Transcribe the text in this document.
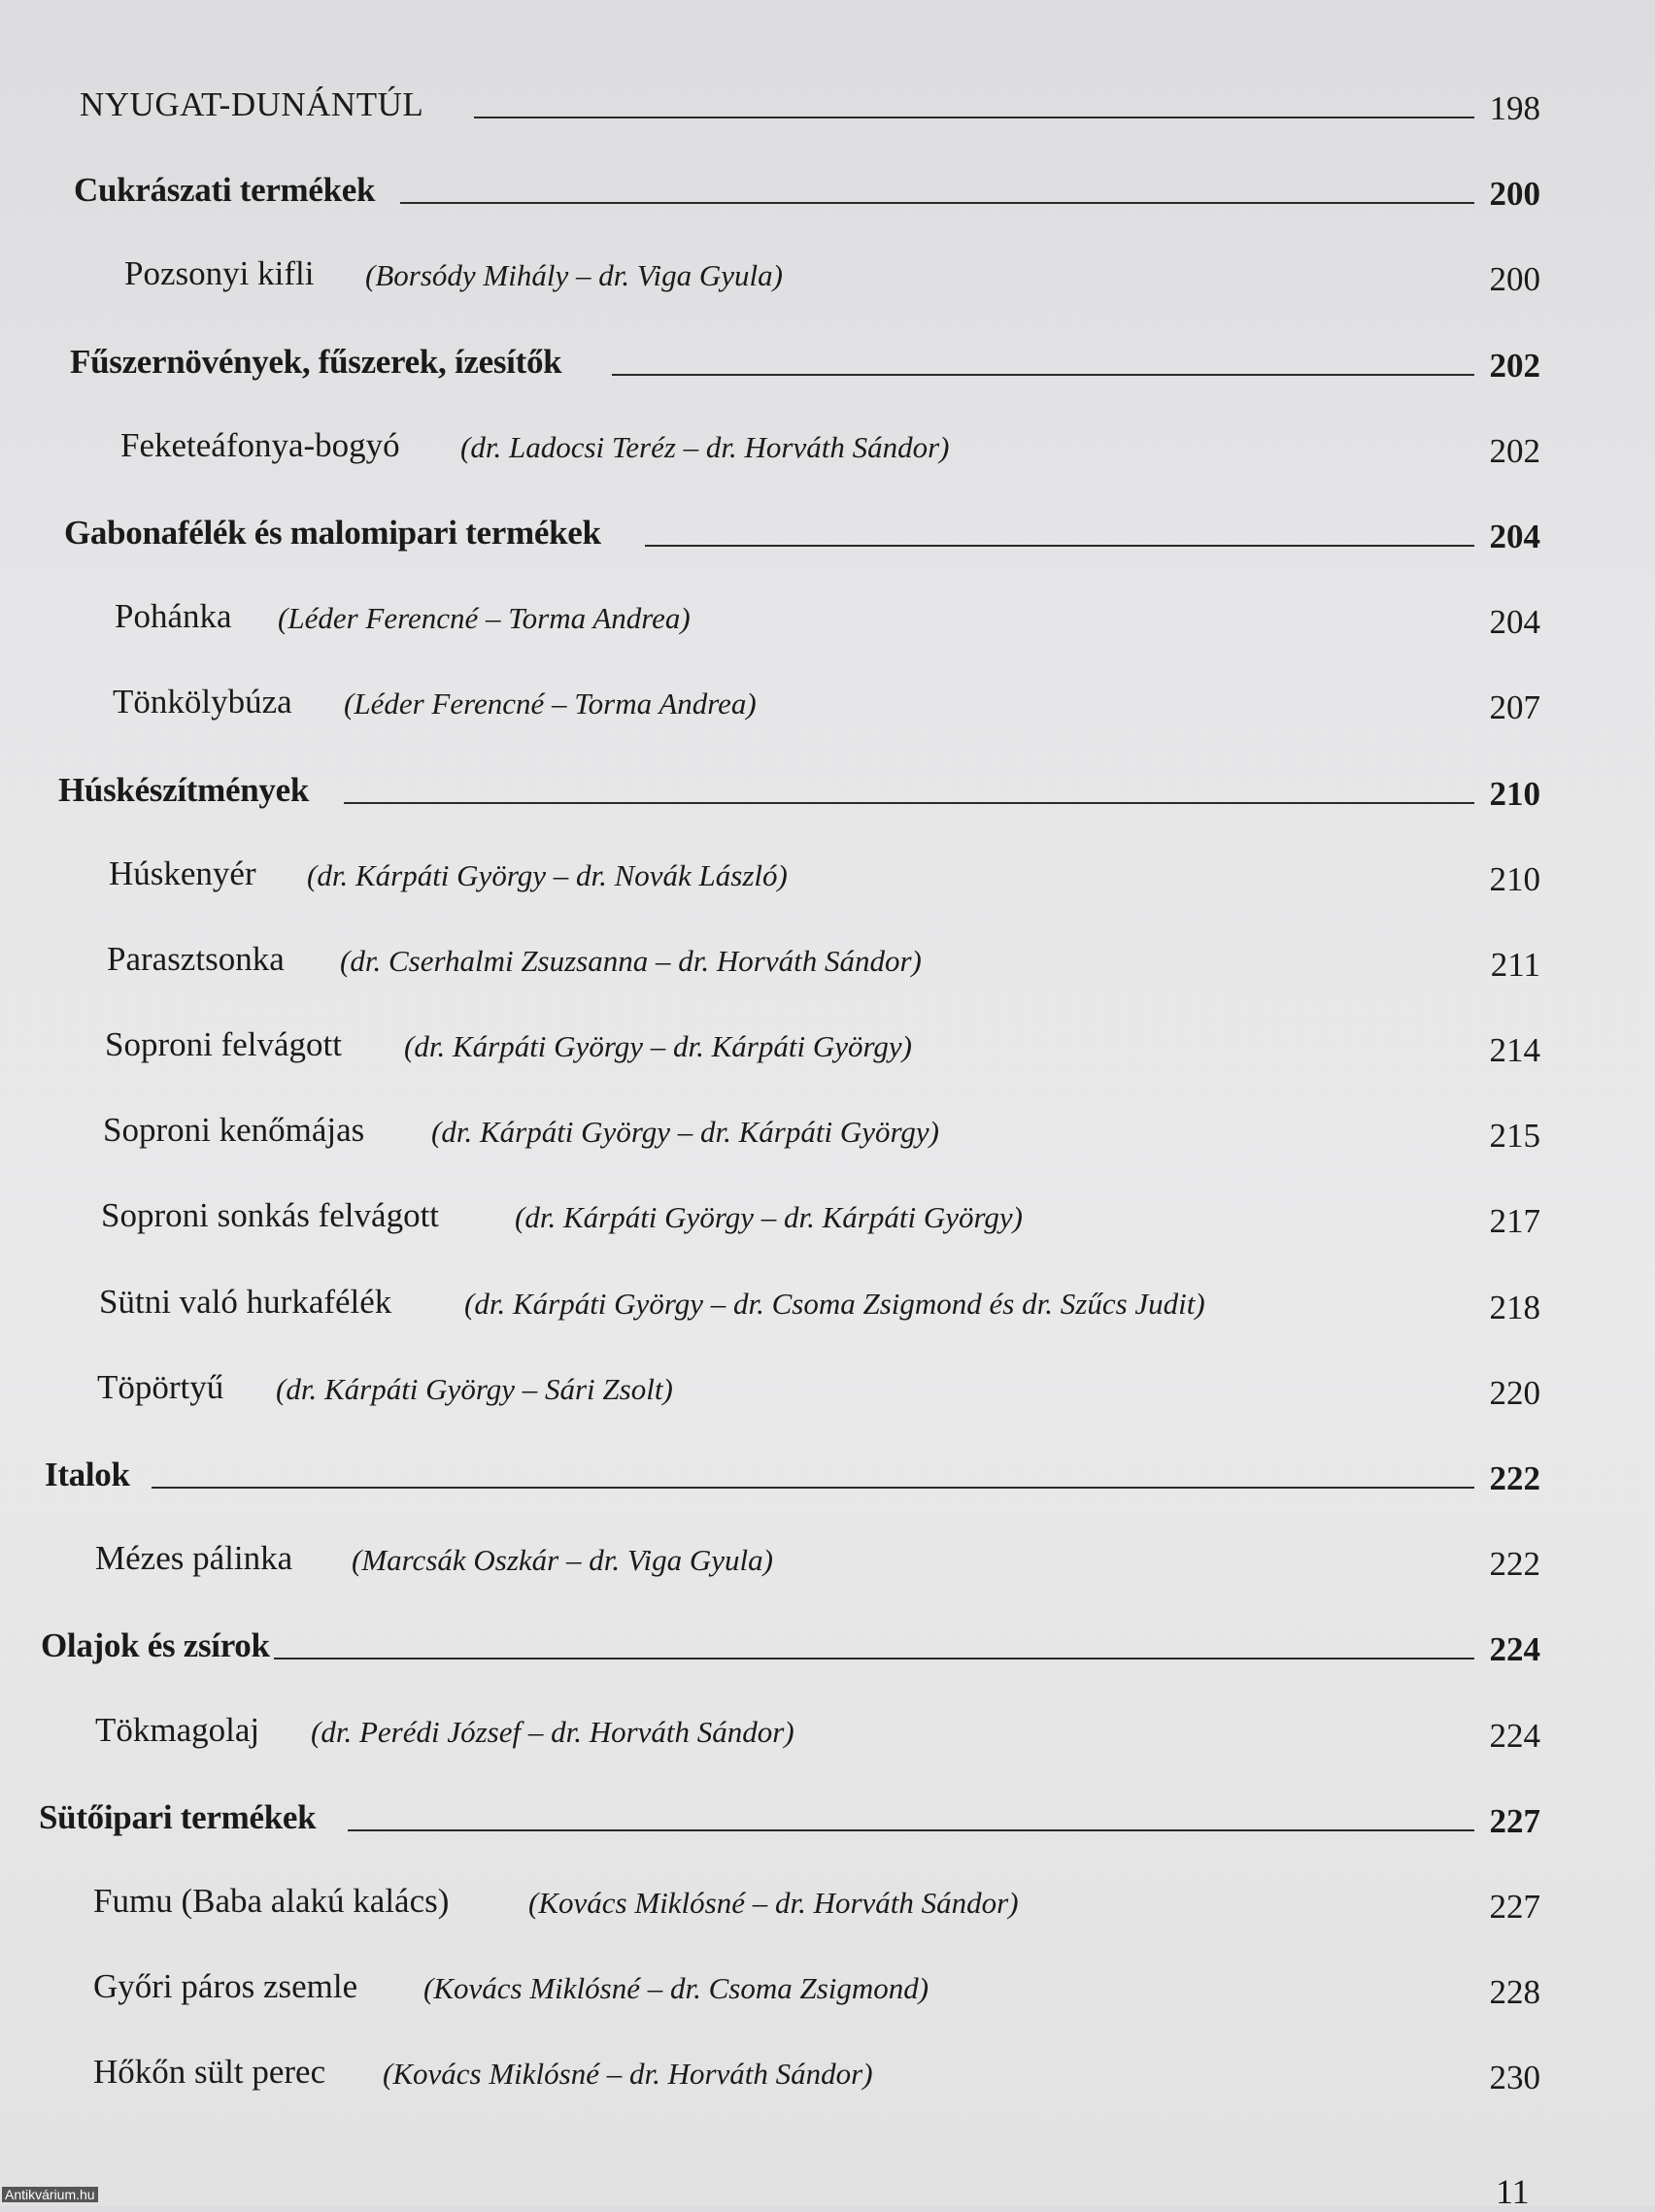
NYUGAT-DUNÁNTÚL	198
Cukrászati termékek	200
Pozsonyi kifli (Borsódy Mihály – dr. Viga Gyula)	200
Fűszernövények, fűszerek, ízesítők	202
Feketeáfonya-bogyó (dr. Ladocsi Teréz – dr. Horváth Sándor)	202
Gabonafélék és malomipari termékek	204
Pohánka (Léder Ferencné – Torma Andrea)	204
Tönkölybúza (Léder Ferencné – Torma Andrea)	207
Húskészítmények	210
Húskenyér (dr. Kárpáti György – dr. Novák László)	210
Parasztsonka (dr. Cserhalmi Zsuzsanna – dr. Horváth Sándor)	211
Soproni felvágott (dr. Kárpáti György – dr. Kárpáti György)	214
Soproni kenőmájas (dr. Kárpáti György – dr. Kárpáti György)	215
Soproni sonkás felvágott	(dr. Kárpáti György – dr. Kárpáti György)	217
Sütni való hurkafélék (dr. Kárpáti György – dr. Csoma Zsigmond és dr. Szűcs Judit)	218
Töpörtyű (dr. Kárpáti György – Sári Zsolt)	220
Italok	222
Mézes pálinka (Marcsák Oszkár – dr. Viga Gyula)	222
Olajok és zsírok	224
Tökmagolaj (dr. Perédi József – dr. Horváth Sándor)	224
Sütőipari termékek	227
Fumu (Baba alakú kalács)	(Kovács Miklósné – dr. Horváth Sándor)	227
Győri páros zsemle (Kovács Miklósné – dr. Csoma Zsigmond)	228
Hőkőn sült perec (Kovács Miklósné – dr. Horváth Sándor)	230
11
Antikvárium.hu
